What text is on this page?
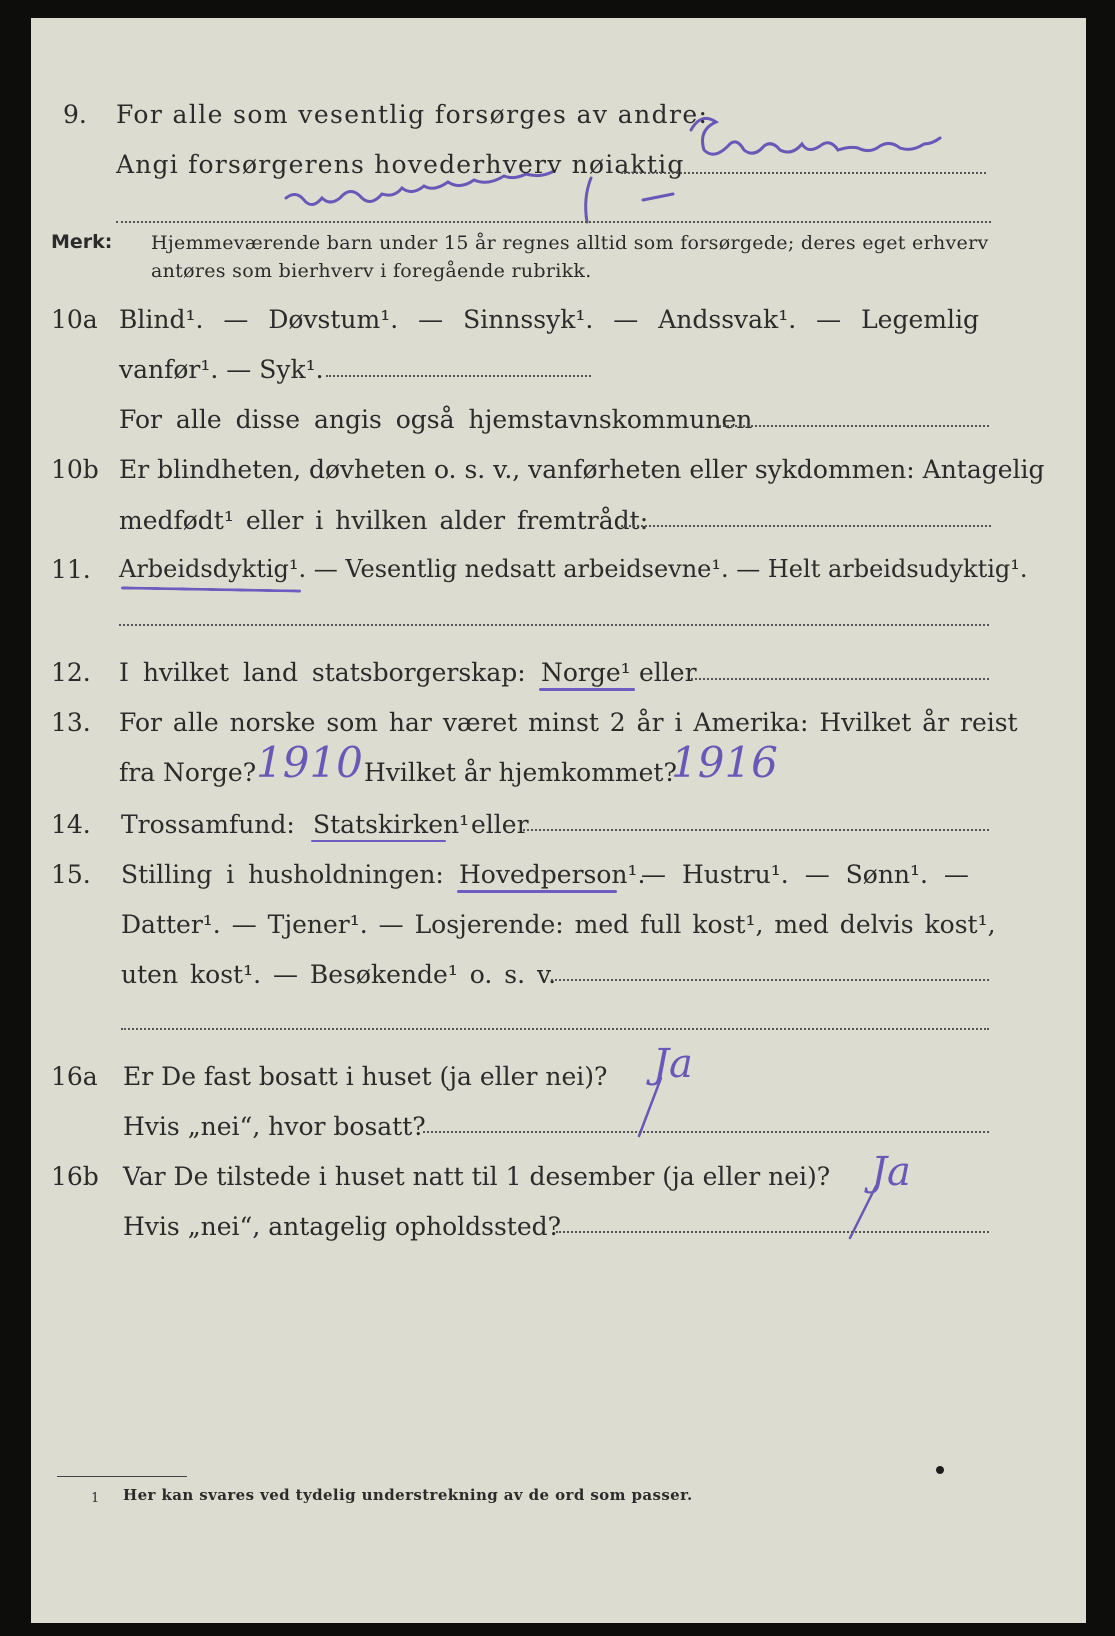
9. For alle som vesentlig forsørges av andre:
Angi forsørgerens hovederhverv nøiaktig
Merk: Hjemmeværende barn under 15 år regnes alltid som forsørgede; deres eget erhverv
antøres som bierhverv i foregående rubrikk.
10a Blind¹. — Døvstum¹. — Sinnssyk¹. — Andssvak¹. — Legemlig
vanfør¹. — Syk¹.
For alle disse angis også hjemstavnskommunen
10b Er blindheten, døvheten o. s. v., vanførheten eller sykdommen: Antagelig
medfødt¹ eller i hvilken alder fremtrådt:
11. Arbeidsdyktig¹. — Vesentlig nedsatt arbeidsevne¹. — Helt arbeidsudyktig¹.
12. I hvilket land statsborgerskap: Norge¹ eller
13. For alle norske som har været minst 2 år i Amerika: Hvilket år reist
fra Norge? 1910 Hvilket år hjemkommet?
1916
14. Trossamfund: Statskirken¹ eller
15. Stilling i husholdningen: Hovedperson¹.
— Hustru¹. — Sønn¹. —
Datter¹. — Tjener¹. — Losjerende: med full kost¹, med delvis kost¹,
uten kost¹. — Besøkende¹ o. s. v.
16a Er De fast bosatt i huset (ja eller nei)? Ja
Hvis „nei“, hvor bosatt?
16b Var De tilstede i huset natt til 1 desember (ja eller nei)? Ja
Hvis „nei“, antagelig opholdssted?
1 Her kan svares ved tydelig understrekning av de ord som passer.
